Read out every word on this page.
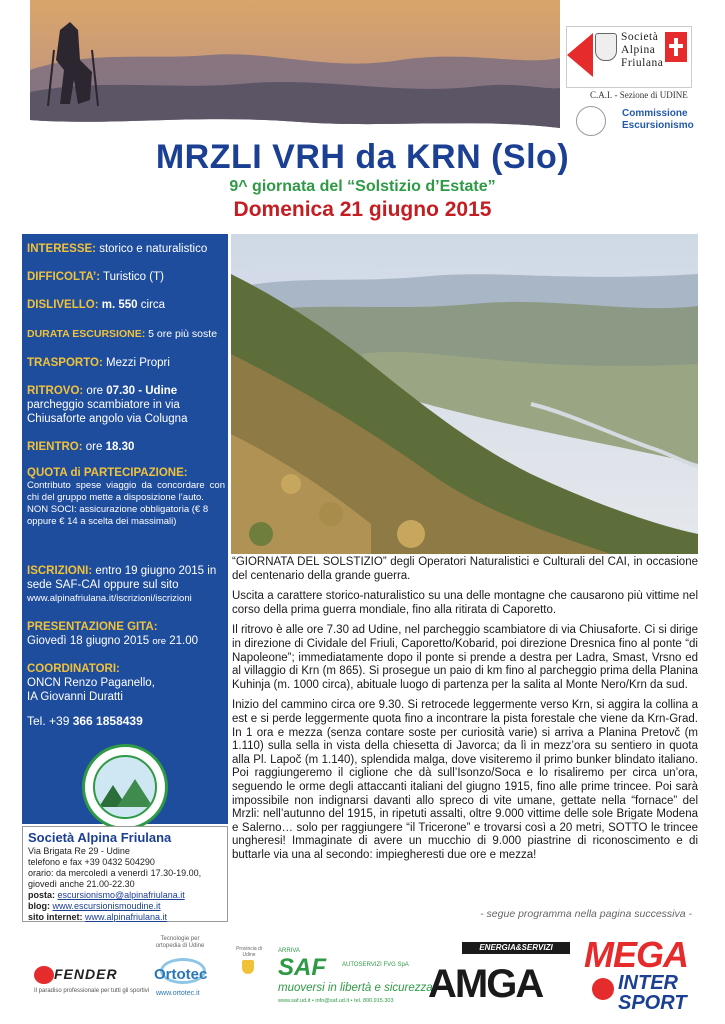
Società
Alpina
Friulana
C.A.I. - Sezione di UDINE
Commissione
Escursionismo
MRZLI VRH da KRN (Slo)
9^ giornata del “Solstizio d’Estate”
Domenica 21 giugno 2015
INTERESSE: storico e naturalistico
DIFFICOLTA’: Turistico (T)
DISLIVELLO: m. 550 circa
DURATA ESCURSIONE: 5 ore più soste
TRASPORTO: Mezzi Propri
RITROVO: ore 07.30 - Udine
parcheggio scambiatore in via Chiusaforte angolo via Colugna
RIENTRO: ore 18.30
QUOTA di PARTECIPAZIONE:
Contributo spese viaggio da concordare con chi del gruppo mette a disposizione l’auto.
NON SOCI: assicurazione obbligatoria (€ 8 oppure € 14 a scelta dei massimali)
ISCRIZIONI: entro 19 giugno 2015 in sede SAF-CAI oppure sul sito
www.alpinafriulana.it/iscrizioni/iscrizioni
PRESENTAZIONE GITA:
Giovedì 18 giugno 2015 ore 21.00
COORDINATORI:
ONCN Renzo Paganello,
IA Giovanni Duratti
Tel. +39 366 1858439
Società Alpina Friulana
Via Brigata Re 29 - Udine
telefono e fax +39 0432 504290
orario: da mercoledì a venerdì 17.30-19.00,
giovedì anche 21.00-22.30
posta: escursionismo@alpinafriulana.it
blog: www.escursionismoudine.it
sito internet: www.alpinafriulana.it

“GIORNATA DEL SOLSTIZIO” degli Operatori Naturalistici e Culturali del CAI, in occasione del centenario della grande guerra.

Uscita a carattere storico-naturalistico su una delle montagne che causarono più vittime nel corso della prima guerra mondiale, fino alla ritirata di Caporetto.

Il ritrovo è alle ore 7.30 ad Udine, nel parcheggio scambiatore di via Chiusaforte. Ci si dirige in direzione di Cividale del Friuli, Caporetto/Kobarid, poi direzione Dresnica fino al ponte “di Napoleone”; immediatamente dopo il ponte si prende a destra per Ladra, Smast, Vrsno ed al villaggio di Krn (m 865). Si prosegue un paio di km fino al parcheggio prima della Planina Kuhinja (m. 1000 circa), abituale luogo di partenza per la salita al Monte Nero/Krn da sud.

Inizio del cammino circa ore 9.30. Si retrocede leggermente verso Krn, si aggira la collina a est e si perde leggermente quota fino a incontrare la pista forestale che viene da Krn-Grad. In 1 ora e mezza (senza contare soste per curiosità varie) si arriva a Planina Pretovč (m 1.110) sulla sella in vista della chiesetta di Javorca; da lì in mezz’ora su sentiero in quota alla Pl. Lapoč (m 1.140), splendida malga, dove visiteremo il primo bunker blindato italiano. Poi raggiungeremo il ciglione che dà sull’Isonzo/Soca e lo risaliremo per circa un’ora, seguendo le orme degli attaccanti italiani del giugno 1915, fino alle prime trincee. Poi sarà impossibile non indignarsi davanti allo spreco di vite umane, gettate nella “fornace” del Mrzli: nell’autunno del 1915, in ripetuti assalti, oltre 9.000 vittime delle sole Brigate Modena e Salerno… solo per raggiungere “il Tricerone” e trovarsi così a 20 metri, SOTTO le trincee ungheresi! Immaginate di avere un mucchio di 9.000 piastrine di riconoscimento e di buttarle via una al secondo: impiegheresti due ore e mezza!

- segue programma nella pagina successiva -
FENDER
Il paradiso professionale per tutti gli sportivi
Tecnologie per ortopedia di Udine
Ortotec
www.ortotec.it
Provincia di Udine
ARRIVA
SAF	AUTOSERVIZI FVG SpA
muoversi in libertà e sicurezza
www.saf.ud.it • info@saf.ud.it • tel. 800.915.303
ENERGIA&SERVIZI
AMGA
MEGA
INTER
SPORT
